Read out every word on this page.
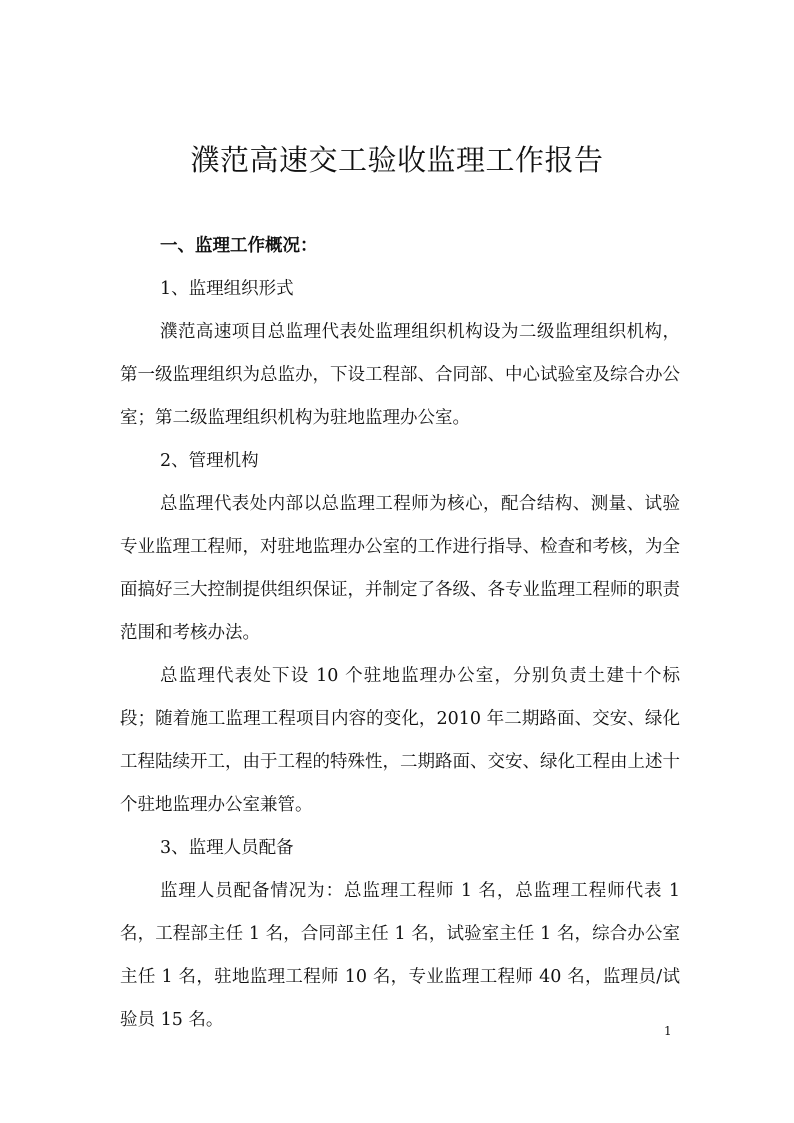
濮范高速交工验收监理工作报告

一、监理工作概况：

1、监理组织形式

濮范高速项目总监理代表处监理组织机构设为二级监理组织机构，第一级监理组织为总监办，下设工程部、合同部、中心试验室及综合办公室；第二级监理组织机构为驻地监理办公室。

2、管理机构

总监理代表处内部以总监理工程师为核心，配合结构、测量、试验专业监理工程师，对驻地监理办公室的工作进行指导、检查和考核，为全面搞好三大控制提供组织保证，并制定了各级、各专业监理工程师的职责范围和考核办法。

总监理代表处下设 10 个驻地监理办公室，分别负责土建十个标段；随着施工监理工程项目内容的变化，2010 年二期路面、交安、绿化工程陆续开工，由于工程的特殊性，二期路面、交安、绿化工程由上述十个驻地监理办公室兼管。

3、监理人员配备

监理人员配备情况为：总监理工程师 1 名，总监理工程师代表 1 名，工程部主任 1 名，合同部主任 1 名，试验室主任 1 名，综合办公室主任 1 名，驻地监理工程师 10 名，专业监理工程师 40 名，监理员/试验员 15 名。

1
